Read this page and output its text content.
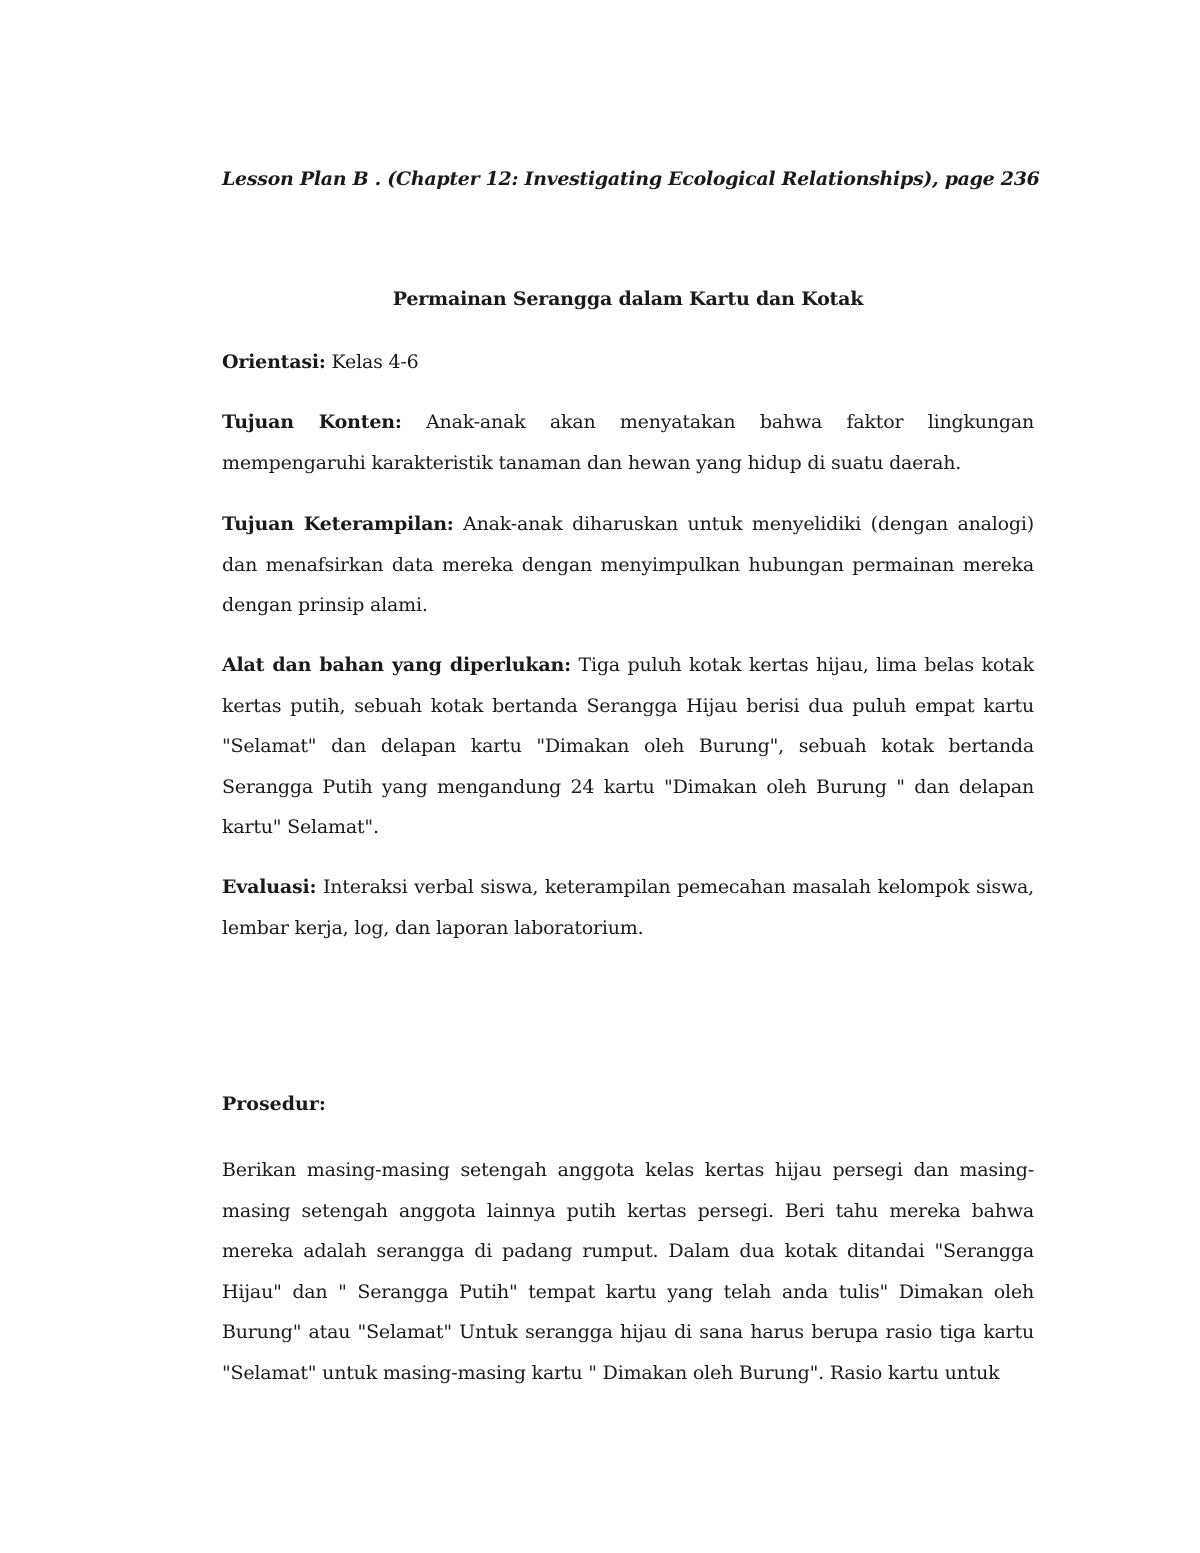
Lesson Plan B . (Chapter 12: Investigating Ecological Relationships), page 236
Permainan Serangga dalam Kartu dan Kotak
Orientasi: Kelas 4-6
Tujuan Konten: Anak-anak akan menyatakan bahwa faktor lingkungan mempengaruhi karakteristik tanaman dan hewan yang hidup di suatu daerah.
Tujuan Keterampilan: Anak-anak diharuskan untuk menyelidiki (dengan analogi) dan menafsirkan data mereka dengan menyimpulkan hubungan permainan mereka dengan prinsip alami.
Alat dan bahan yang diperlukan: Tiga puluh kotak kertas hijau, lima belas kotak kertas putih, sebuah kotak bertanda Serangga Hijau berisi dua puluh empat kartu "Selamat" dan delapan kartu "Dimakan oleh Burung", sebuah kotak bertanda Serangga Putih yang mengandung 24 kartu "Dimakan oleh Burung " dan delapan kartu" Selamat".
Evaluasi: Interaksi verbal siswa, keterampilan pemecahan masalah kelompok siswa, lembar kerja, log, dan laporan laboratorium.
Prosedur:
Berikan masing-masing setengah anggota kelas kertas hijau persegi dan masing-masing setengah anggota lainnya putih kertas persegi. Beri tahu mereka bahwa mereka adalah serangga di padang rumput. Dalam dua kotak ditandai "Serangga Hijau" dan " Serangga Putih" tempat kartu yang telah anda tulis" Dimakan oleh Burung" atau "Selamat" Untuk serangga hijau di sana harus berupa rasio tiga kartu "Selamat" untuk masing-masing kartu " Dimakan oleh Burung". Rasio kartu untuk
